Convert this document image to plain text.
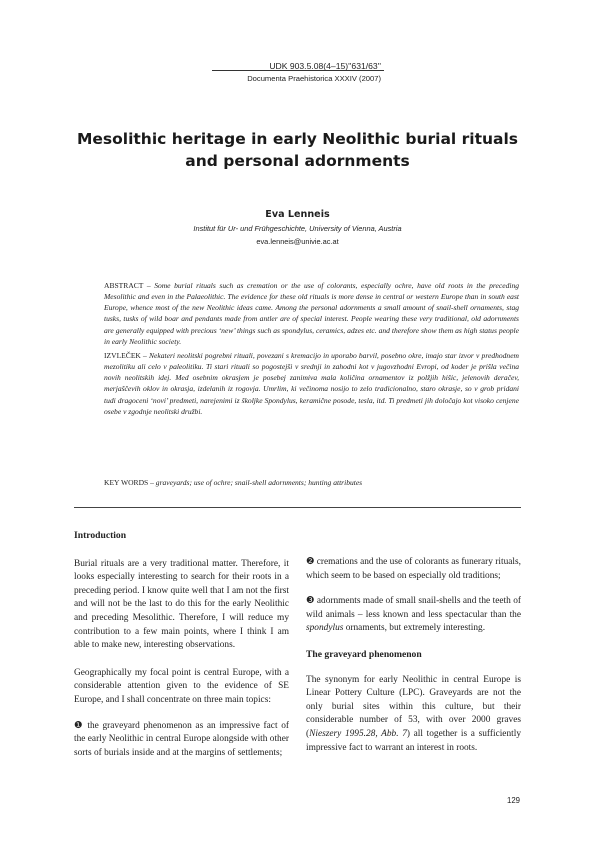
UDK 903.5.08(4–15)''631/63''
Documenta Praehistorica XXXIV (2007)
Mesolithic heritage in early Neolithic burial rituals
and personal adornments
Eva Lenneis
Institut für Ur- und Frühgeschichte, University of Vienna, Austria
eva.lenneis@univie.ac.at
ABSTRACT – Some burial rituals such as cremation or the use of colorants, especially ochre, have old roots in the preceding Mesolithic and even in the Palaeolithic. The evidence for these old rituals is more dense in central or western Europe than in south east Europe, whence most of the new Neolithic ideas came. Among the personal adornments a small amount of snail-shell ornaments, stag tusks, tusks of wild boar and pendants made from antler are of special interest. People wearing these very traditional, old adornments are generally equipped with precious ‘new’ things such as spondylus, ceramics, adzes etc. and therefore show them as high status people in early Neolithic society.
IZVLEČEK – Nekateri neolitski pogrebni rituali, povezani s kremacijo in uporabo barvil, posebno okre, imajo star izvor v predhodnem mezolitiku ali celo v paleolitiku. Ti stari rituali so pogostejši v srednji in zahodni kot v jugovzhodni Evropi, od koder je prišla večina novih neolitskih idej. Med osebnim okrasjem je posebej zanimiva mala količina ornamentov iz polžjih hišic, jelenovih deračev, merjaščevih oklov in okrasja, izdelanih iz rogovja. Umrlim, ki večinoma nosijo to zelo tradicionalno, staro okrasje, so v grob pridani tudi dragoceni ‘novi’ predmeti, narejenimi iz školjke Spondylus, keramične posode, tesla, itd. Ti predmeti jih določajo kot visoko cenjene osebe v zgodnje neolitski družbi.
KEY WORDS – graveyards; use of ochre; snail-shell adornments; hunting attributes
Introduction

Burial rituals are a very traditional matter. Therefore, it looks especially interesting to search for their roots in a preceding period. I know quite well that I am not the first and will not be the last to do this for the early Neolithic and preceding Mesolithic. Therefore, I will reduce my contribution to a few main points, where I think I am able to make new, interesting observations.

Geographically my focal point is central Europe, with a considerable attention given to the evidence of SE Europe, and I shall concentrate on three main topics:

❶ the graveyard phenomenon as an impressive fact of the early Neolithic in central Europe alongside with other sorts of burials inside and at the margins of settlements;

❷ cremations and the use of colorants as funerary rituals, which seem to be based on especially old traditions;

❸ adornments made of small snail-shells and the teeth of wild animals – less known and less spectacular than the spondylus ornaments, but extremely interesting.

The graveyard phenomenon

The synonym for early Neolithic in central Europe is Linear Pottery Culture (LPC). Graveyards are not the only burial sites within this culture, but their considerable number of 53, with over 2000 graves (Nieszery 1995.28, Abb. 7) all together is a sufficiently impressive fact to warrant an interest in roots.

129
